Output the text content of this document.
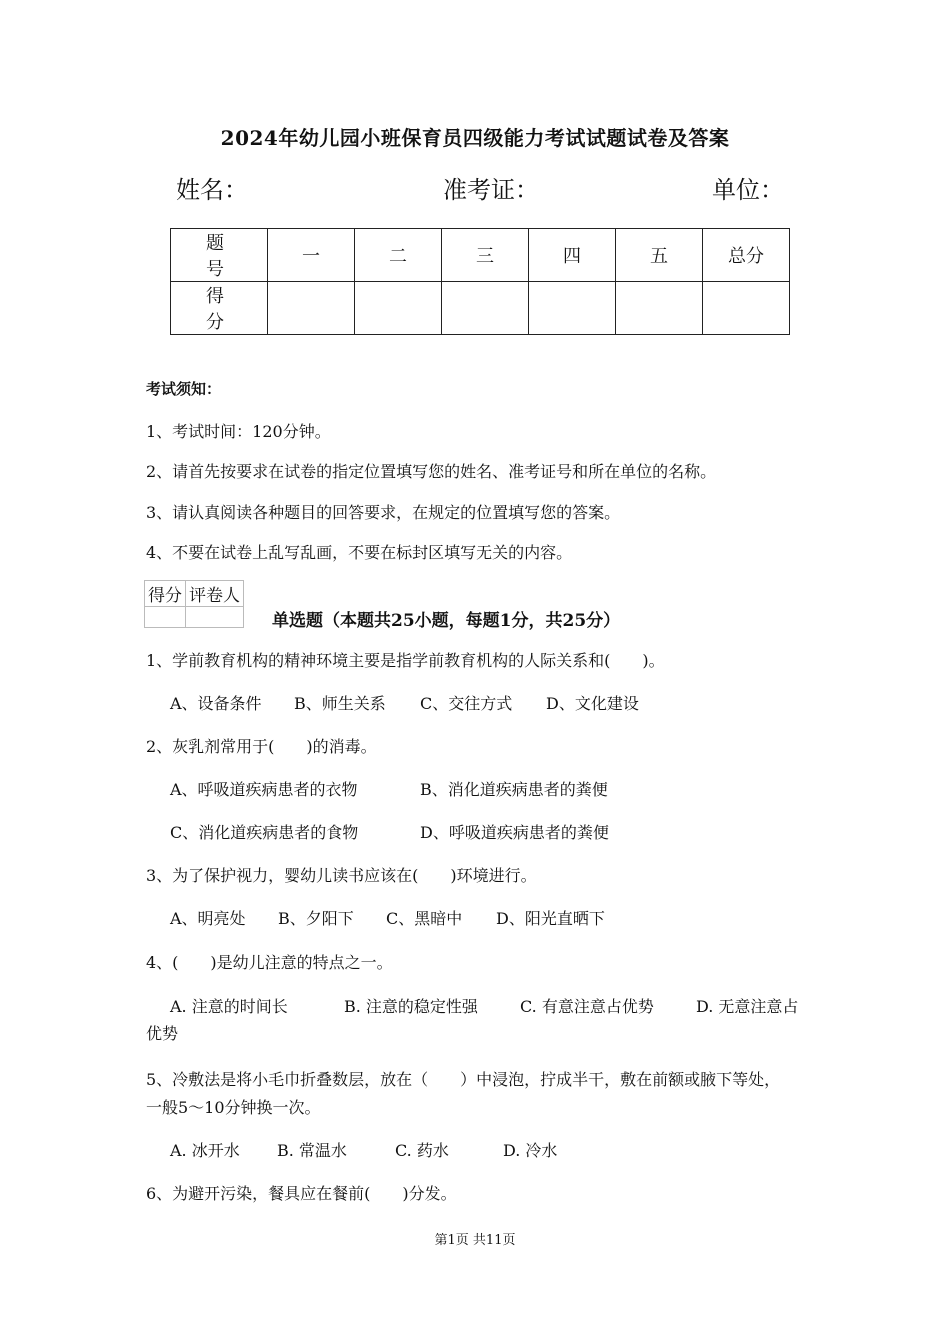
2024年幼儿园小班保育员四级能力考试试题试卷及答案
姓名：	准考证：	单位：
题 号	一	二	三	四	五	总分
得 分						
考试须知：
1、考试时间：120分钟。
2、请首先按要求在试卷的指定位置填写您的姓名、准考证号和所在单位的名称。
3、请认真阅读各种题目的回答要求，在规定的位置填写您的答案。
4、不要在试卷上乱写乱画，不要在标封区填写无关的内容。
得分	评卷人

单选题（本题共25小题，每题1分，共25分）
1、学前教育机构的精神环境主要是指学前教育机构的人际关系和(　　)。
A、设备条件 B、师生关系 C、交往方式 D、文化建设
2、灰乳剂常用于(　　)的消毒。
A、呼吸道疾病患者的衣物	B、消化道疾病患者的粪便
C、消化道疾病患者的食物	D、呼吸道疾病患者的粪便
3、为了保护视力，婴幼儿读书应该在(　　)环境进行。
A、明亮处 B、夕阳下 C、黑暗中 D、阳光直晒下
4、(　　)是幼儿注意的特点之一。
A. 注意的时间长	B. 注意的稳定性强	C. 有意注意占优势	D. 无意注意占
优势
5、冷敷法是将小毛巾折叠数层，放在（　　）中浸泡，拧成半干，敷在前额或腋下等处，
一般5～10分钟换一次。
A. 冰开水 B. 常温水	C. 药水	D. 冷水
6、为避开污染，餐具应在餐前(　　)分发。
第1页 共11页
